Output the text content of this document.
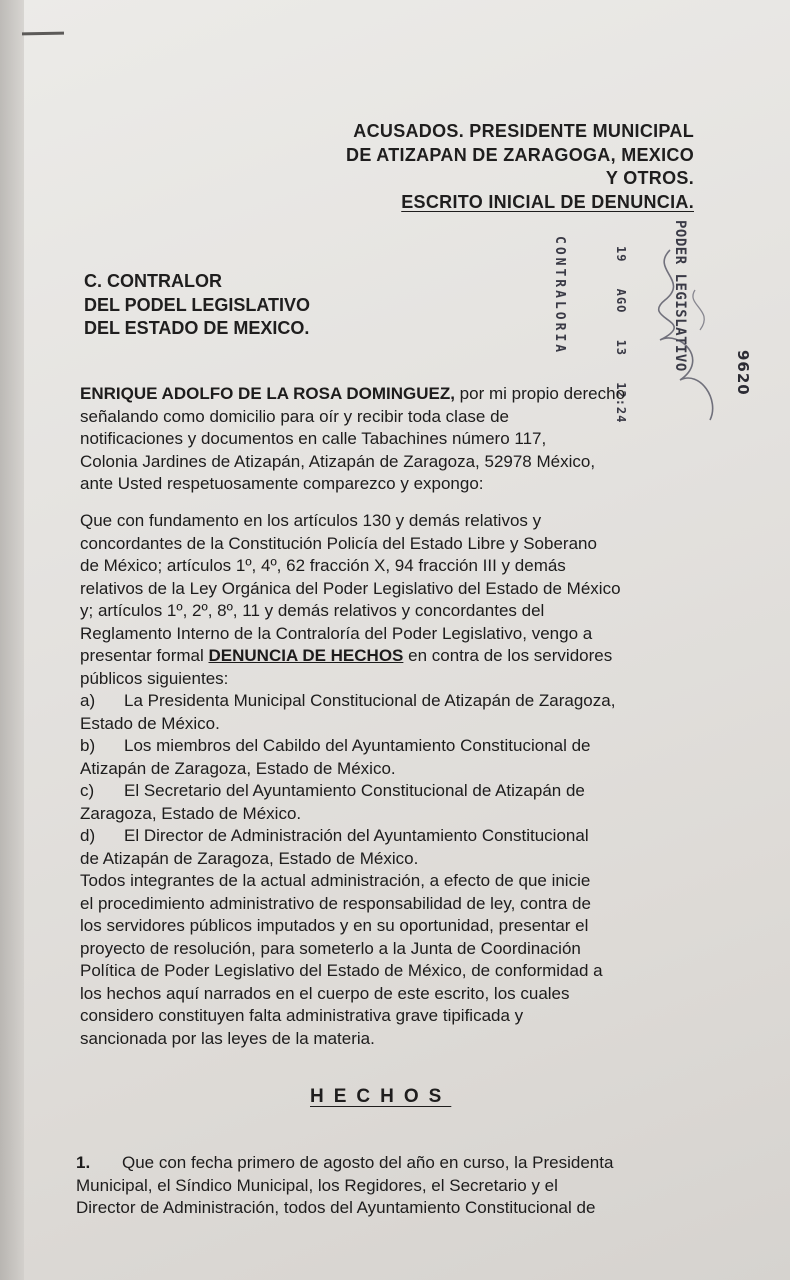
ACUSADOS. PRESIDENTE MUNICIPAL
DE ATIZAPAN DE ZARAGOGA, MEXICO
Y OTROS.
ESCRITO INICIAL DE DENUNCIA.
C. CONTRALOR
DEL PODEL LEGISLATIVO
DEL ESTADO DE MEXICO.	CONTRALORIA	19 AGO 13 12:24	PODER LEGISLATIVO
9620
ENRIQUE ADOLFO DE LA ROSA DOMINGUEZ, por mi propio derecho
señalando como domicilio para oír y recibir toda clase de
notificaciones y documentos en calle Tabachines número 117,
Colonia Jardines de Atizapán, Atizapán de Zaragoza, 52978 México,
ante Usted respetuosamente comparezco y expongo:
Que con fundamento en los artículos 130 y demás relativos y
concordantes de la Constitución Policía del Estado Libre y Soberano
de México; artículos 1º, 4º, 62 fracción X, 94 fracción III y demás
relativos de la Ley Orgánica del Poder Legislativo del Estado de México
y; artículos 1º, 2º, 8º, 11 y demás relativos y concordantes del
Reglamento Interno de la Contraloría del Poder Legislativo, vengo a
presentar formal DENUNCIA DE HECHOS en contra de los servidores
públicos siguientes:
a) La Presidenta Municipal Constitucional de Atizapán de Zaragoza,
Estado de México.
b) Los miembros del Cabildo del Ayuntamiento Constitucional de
Atizapán de Zaragoza, Estado de México.
c) El Secretario del Ayuntamiento Constitucional de Atizapán de
Zaragoza, Estado de México.
d) El Director de Administración del Ayuntamiento Constitucional
de Atizapán de Zaragoza, Estado de México.
Todos integrantes de la actual administración, a efecto de que inicie
el procedimiento administrativo de responsabilidad de ley, contra de
los servidores públicos imputados y en su oportunidad, presentar el
proyecto de resolución, para someterlo a la Junta de Coordinación
Política de Poder Legislativo del Estado de México, de conformidad a
los hechos aquí narrados en el cuerpo de este escrito, los cuales
considero constituyen falta administrativa grave tipificada y
sancionada por las leyes de la materia.
HECHOS
1. Que con fecha primero de agosto del año en curso, la Presidenta
Municipal, el Síndico Municipal, los Regidores, el Secretario y el
Director de Administración, todos del Ayuntamiento Constitucional de
